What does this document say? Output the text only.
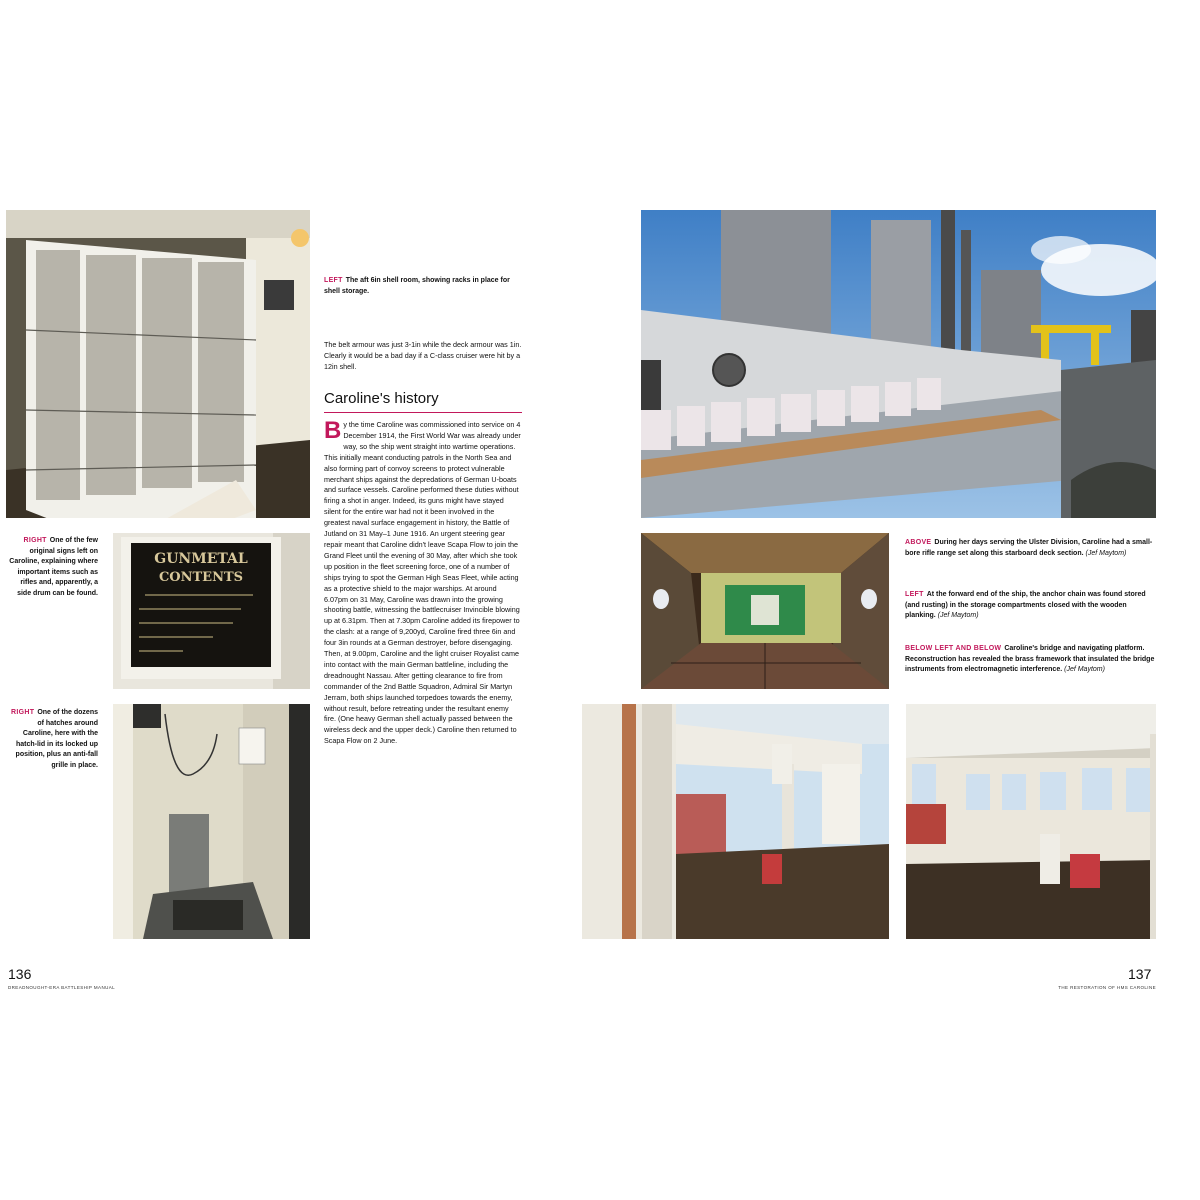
LEFT The aft 6in shell room, showing racks in place for shell storage.
The belt armour was just 3-1in while the deck armour was 1in. Clearly it would be a bad day if a C-class cruiser were hit by a 12in shell.
Caroline's history
By the time Caroline was commissioned into service on 4 December 1914, the First World War was already under way, so the ship went straight into wartime operations. This initially meant conducting patrols in the North Sea and also forming part of convoy screens to protect vulnerable merchant ships against the depredations of German U-boats and surface vessels. Caroline performed these duties without firing a shot in anger. Indeed, its guns might have stayed silent for the entire war had not it been involved in the greatest naval surface engagement in history, the Battle of Jutland on 31 May–1 June 1916. An urgent steering gear repair meant that Caroline didn't leave Scapa Flow to join the Grand Fleet until the evening of 30 May, after which she took up position in the fleet screening force, one of a number of ships trying to spot the German High Seas Fleet, while acting as a protective shield to the major warships. At around 6.07pm on 31 May, Caroline was drawn into the growing shooting battle, witnessing the battlecruiser Invincible blowing up at 6.31pm. Then at 7.30pm Caroline added its firepower to the clash: at a range of 9,200yd, Caroline fired three 6in and four 3in rounds at a German destroyer, before disengaging. Then, at 9.00pm, Caroline and the light cruiser Royalist came into contact with the main German battleline, including the dreadnought Nassau. After getting clearance to fire from commander of the 2nd Battle Squadron, Admiral Sir Martyn Jerram, both ships launched torpedoes towards the enemy, without result, before retreating under the resultant enemy fire. (One heavy German shell actually passed between the wireless deck and the upper deck.) Caroline then returned to Scapa Flow on 2 June.
RIGHT One of the few original signs left on Caroline, explaining where important items such as rifles and, apparently, a side drum can be found.
GUNMETAL
CONTENTS
RIGHT One of the dozens of hatches around Caroline, here with the hatch-lid in its locked up position, plus an anti-fall grille in place.
136
DREADNOUGHT-ERA BATTLESHIP MANUAL
ABOVE During her days serving the Ulster Division, Caroline had a small-bore rifle range set along this starboard deck section. (Jef Maytom)
LEFT At the forward end of the ship, the anchor chain was found stored (and rusting) in the storage compartments closed with the wooden planking. (Jef Maytom)
BELOW LEFT AND BELOW Caroline's bridge and navigating platform. Reconstruction has revealed the brass framework that insulated the bridge instruments from electromagnetic interference. (Jef Maytom)
137
THE RESTORATION OF HMS CAROLINE
